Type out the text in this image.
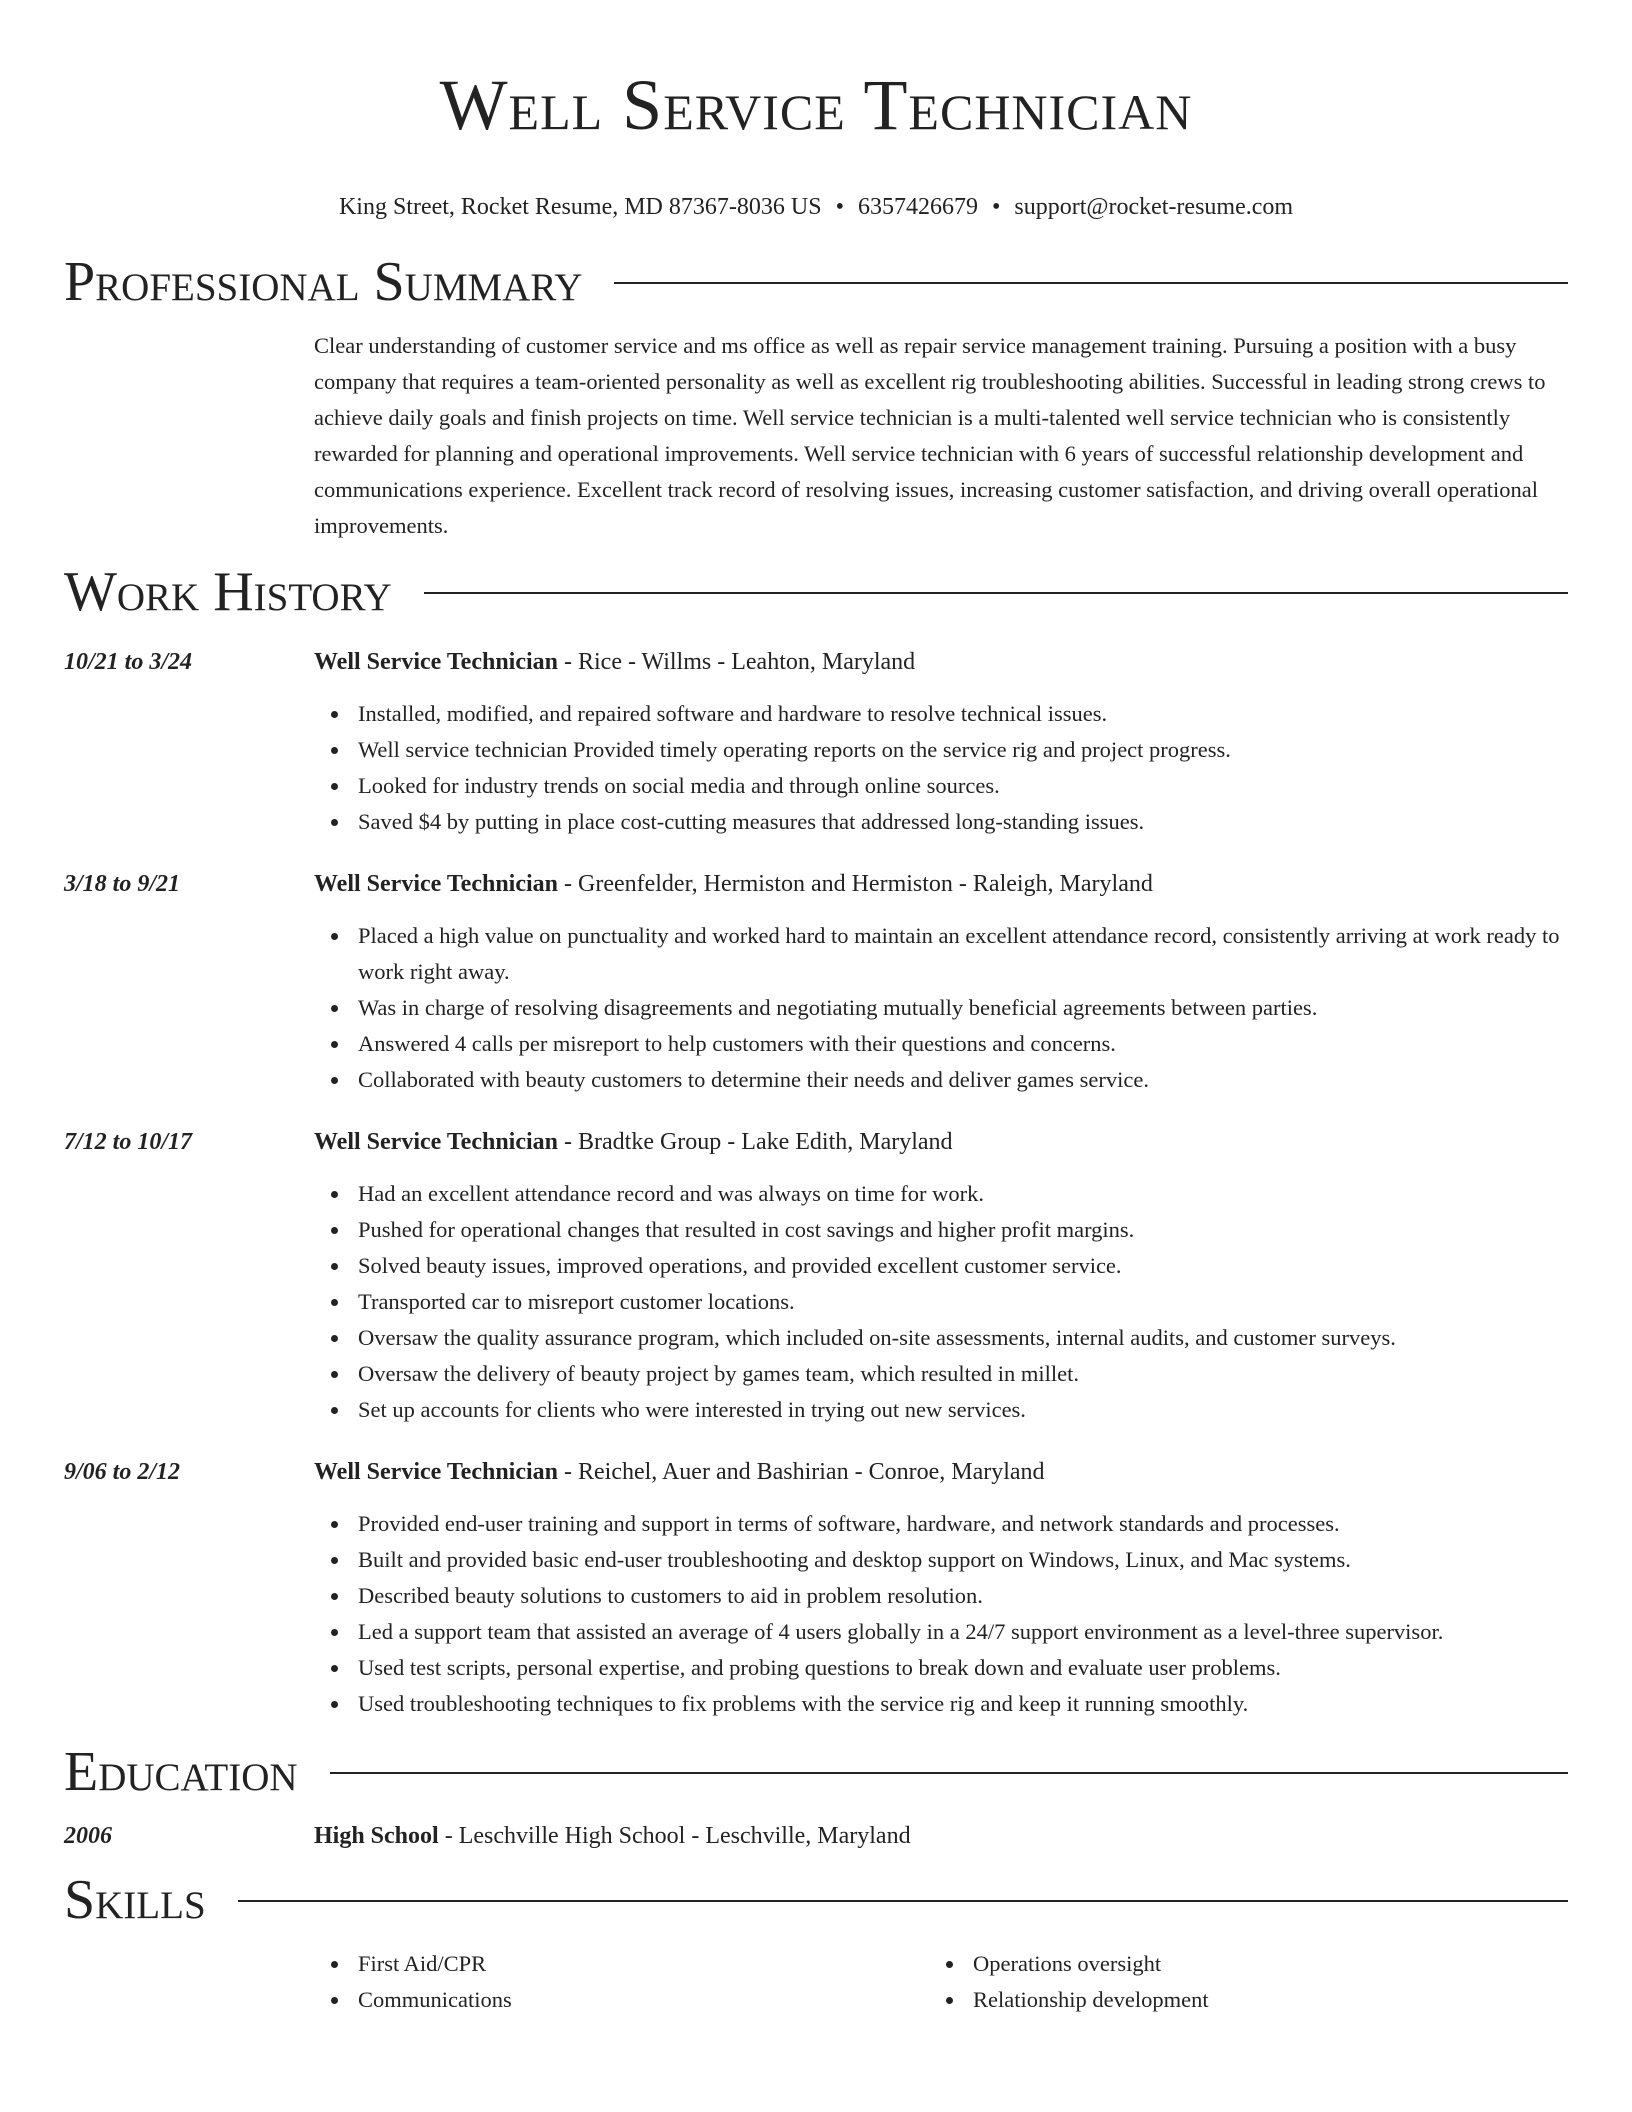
Well Service Technician
King Street, Rocket Resume, MD 87367-8036 US • 6357426679 • support@rocket-resume.com
Professional Summary
Clear understanding of customer service and ms office as well as repair service management training. Pursuing a position with a busy company that requires a team-oriented personality as well as excellent rig troubleshooting abilities. Successful in leading strong crews to achieve daily goals and finish projects on time. Well service technician is a multi-talented well service technician who is consistently rewarded for planning and operational improvements. Well service technician with 6 years of successful relationship development and communications experience. Excellent track record of resolving issues, increasing customer satisfaction, and driving overall operational improvements.
Work History
10/21 to 3/24	Well Service Technician - Rice - Willms - Leahton, Maryland
Installed, modified, and repaired software and hardware to resolve technical issues.
Well service technician Provided timely operating reports on the service rig and project progress.
Looked for industry trends on social media and through online sources.
Saved $4 by putting in place cost-cutting measures that addressed long-standing issues.
3/18 to 9/21	Well Service Technician - Greenfelder, Hermiston and Hermiston - Raleigh, Maryland
Placed a high value on punctuality and worked hard to maintain an excellent attendance record, consistently arriving at work ready to work right away.
Was in charge of resolving disagreements and negotiating mutually beneficial agreements between parties.
Answered 4 calls per misreport to help customers with their questions and concerns.
Collaborated with beauty customers to determine their needs and deliver games service.
7/12 to 10/17	Well Service Technician - Bradtke Group - Lake Edith, Maryland
Had an excellent attendance record and was always on time for work.
Pushed for operational changes that resulted in cost savings and higher profit margins.
Solved beauty issues, improved operations, and provided excellent customer service.
Transported car to misreport customer locations.
Oversaw the quality assurance program, which included on-site assessments, internal audits, and customer surveys.
Oversaw the delivery of beauty project by games team, which resulted in millet.
Set up accounts for clients who were interested in trying out new services.
9/06 to 2/12	Well Service Technician - Reichel, Auer and Bashirian - Conroe, Maryland
Provided end-user training and support in terms of software, hardware, and network standards and processes.
Built and provided basic end-user troubleshooting and desktop support on Windows, Linux, and Mac systems.
Described beauty solutions to customers to aid in problem resolution.
Led a support team that assisted an average of 4 users globally in a 24/7 support environment as a level-three supervisor.
Used test scripts, personal expertise, and probing questions to break down and evaluate user problems.
Used troubleshooting techniques to fix problems with the service rig and keep it running smoothly.
Education
2006	High School - Leschville High School - Leschville, Maryland
Skills
First Aid/CPR
Communications
Operations oversight
Relationship development
